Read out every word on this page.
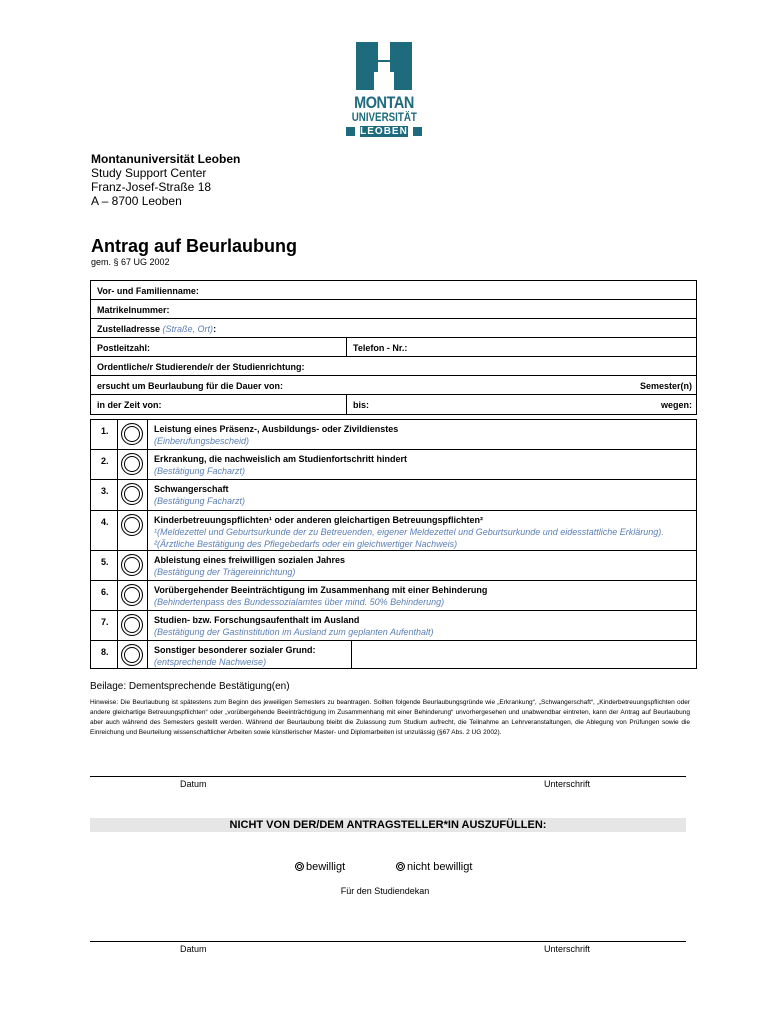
MONTAN
UNIVERSITÄT
LEOBEN
Montanuniversität Leoben
Study Support Center
Franz-Josef-Straße 18
A – 8700 Leoben
Antrag auf Beurlaubung
gem. § 67 UG 2002
Vor- und Familienname:
Matrikelnummer:
Zustelladresse (Straße, Ort):
Postleitzahl:	Telefon - Nr.:
Ordentliche/r Studierende/r der Studienrichtung:
ersucht um Beurlaubung für die Dauer von:	Semester(n)
in der Zeit von:	bis:	wegen:
1.	Leistung eines Präsenz-, Ausbildungs- oder Zivildienstes
(Einberufungsbescheid)
2.	Erkrankung, die nachweislich am Studienfortschritt hindert
(Bestätigung Facharzt)
3.	Schwangerschaft
(Bestätigung Facharzt)
4.	Kinderbetreuungspflichten¹ oder anderen gleichartigen Betreuungspflichten²
¹(Meldezettel und Geburtsurkunde der zu Betreuenden, eigener Meldezettel und Geburtsurkunde und eidesstattliche Erklärung). ²(Ärztliche Bestätigung des Pflegebedarfs oder ein gleichwertiger Nachweis)
5.	Ableistung eines freiwilligen sozialen Jahres
(Bestätigung der Trägereinrichtung)
6.	Vorübergehender Beeinträchtigung im Zusammenhang mit einer Behinderung
(Behindertenpass des Bundessozialamtes über mind. 50% Behinderung)
7.	Studien- bzw. Forschungsaufenthalt im Ausland
(Bestätigung der Gastinstitution im Ausland zum geplanten Aufenthalt)
8.	Sonstiger besonderer sozialer Grund:
(entsprechende Nachweise)
Beilage: Dementsprechende Bestätigung(en)
Hinweise: Die Beurlaubung ist spätestens zum Beginn des jeweiligen Semesters zu beantragen. Sollten folgende Beurlaubungsgründe wie „Erkrankung“, „Schwangerschaft“, „Kinderbetreuungspflichten oder andere gleichartige Betreuungspflichten“ oder „vorübergehende Beeinträchtigung im Zusammenhang mit einer Behinderung“ unvorhergesehen und unabwendbar eintreten, kann der Antrag auf Beurlaubung aber auch während des Semesters gestellt werden. Während der Beurlaubung bleibt die Zulassung zum Studium aufrecht, die Teilnahme an Lehrveranstaltungen, die Ablegung von Prüfungen sowie die Einreichung und Beurteilung wissenschaftlicher Arbeiten sowie künstlerischer Master- und Diplomarbeiten ist unzulässig (§67 Abs. 2 UG 2002).
Datum	Unterschrift
NICHT VON DER/DEM ANTRAGSTELLER*IN AUSZUFÜLLEN:
bewilligt	nicht bewilligt
Für den Studiendekan
Datum	Unterschrift
